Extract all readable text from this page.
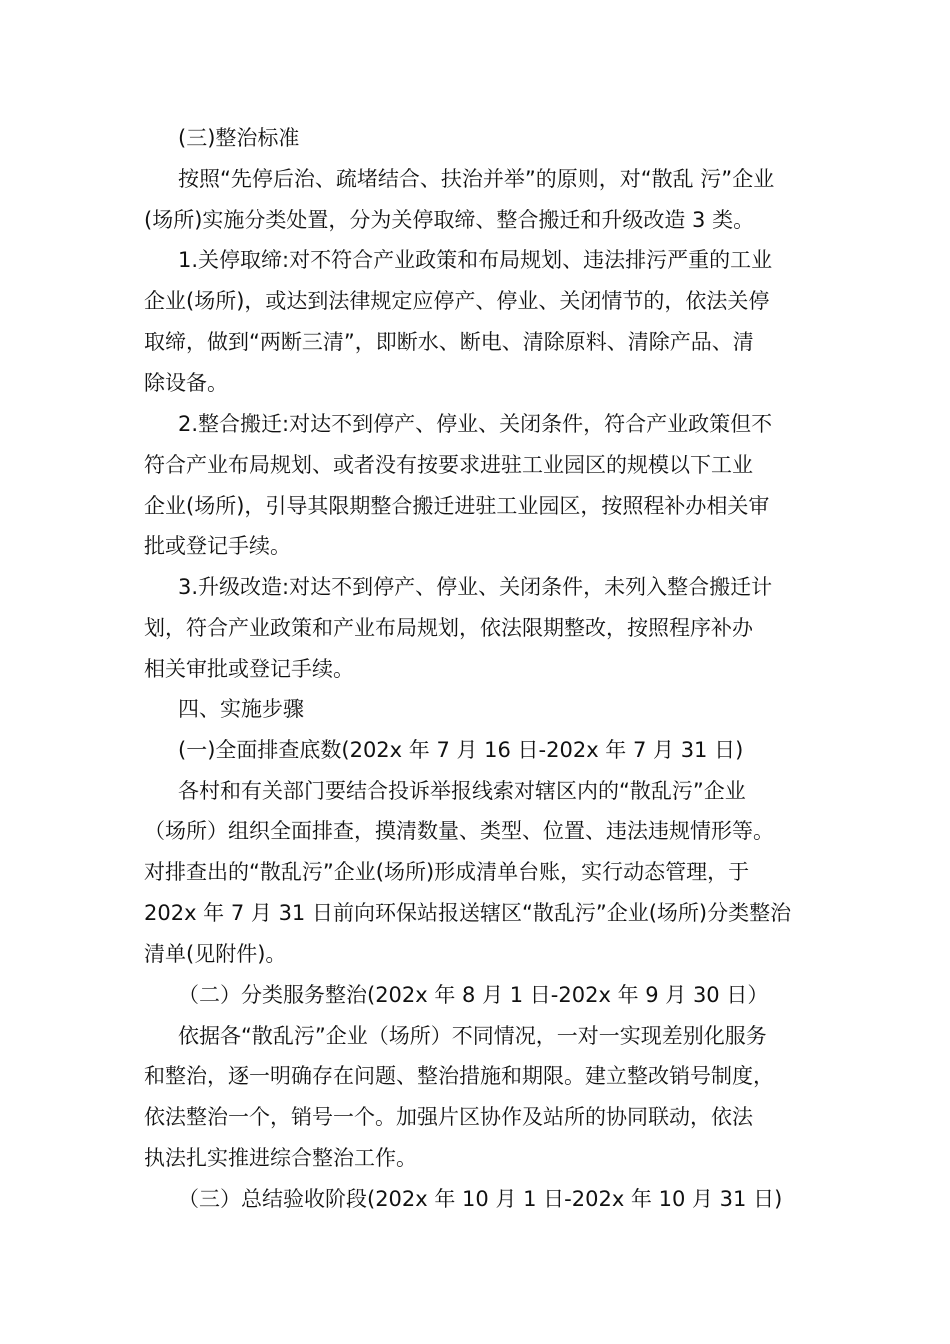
(三)整治标准
按照“先停后治、疏堵结合、扶治并举”的原则，对“散乱 污”企业
(场所)实施分类处置，分为关停取缔、整合搬迁和升级改造 3 类。
1.关停取缔:对不符合产业政策和布局规划、违法排污严重的工业
企业(场所)，或达到法律规定应停产、停业、关闭情节的，依法关停
取缔，做到“两断三清”，即断水、断电、清除原料、清除产品、清
除设备。
2.整合搬迁:对达不到停产、停业、关闭条件，符合产业政策但不
符合产业布局规划、或者没有按要求进驻工业园区的规模以下工业
企业(场所)，引导其限期整合搬迁进驻工业园区，按照程补办相关审
批或登记手续。
3.升级改造:对达不到停产、停业、关闭条件，未列入整合搬迁计
划，符合产业政策和产业布局规划，依法限期整改，按照程序补办
相关审批或登记手续。
四、实施步骤
(一)全面排查底数(202x 年 7 月 16 日-202x 年 7 月 31 日)
各村和有关部门要结合投诉举报线索对辖区内的“散乱污”企业
（场所）组织全面排查，摸清数量、类型、位置、违法违规情形等。
对排查出的“散乱污”企业(场所)形成清单台账，实行动态管理，于
202x 年 7 月 31 日前向环保站报送辖区“散乱污”企业(场所)分类整治
清单(见附件)。
（二）分类服务整治(202x 年 8 月 1 日-202x 年 9 月 30 日）
依据各“散乱污”企业（场所）不同情况，一对一实现差别化服务
和整治，逐一明确存在问题、整治措施和期限。建立整改销号制度，
依法整治一个，销号一个。加强片区协作及站所的协同联动，依法
执法扎实推进综合整治工作。
（三）总结验收阶段(202x 年 10 月 1 日-202x 年 10 月 31 日)
